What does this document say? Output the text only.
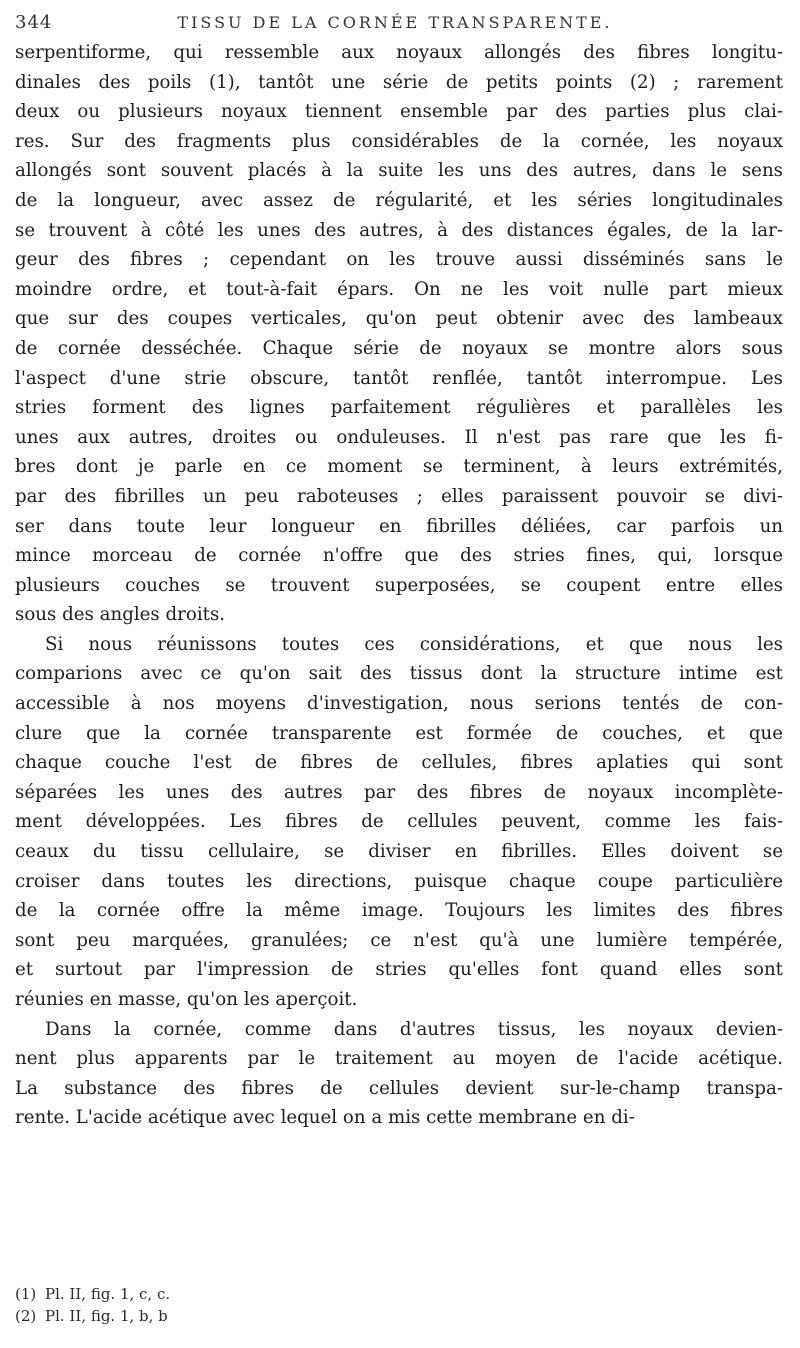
344	TISSU DE LA CORNÉE TRANSPARENTE.
serpentiforme, qui ressemble aux noyaux allongés des fibres longitu-
dinales des poils (1), tantôt une série de petits points (2) ; rarement
deux ou plusieurs noyaux tiennent ensemble par des parties plus clai-
res. Sur des fragments plus considérables de la cornée, les noyaux
allongés sont souvent placés à la suite les uns des autres, dans le sens
de la longueur, avec assez de régularité, et les séries longitudinales
se trouvent à côté les unes des autres, à des distances égales, de la lar-
geur des fibres ; cependant on les trouve aussi disséminés sans le
moindre ordre, et tout-à-fait épars. On ne les voit nulle part mieux
que sur des coupes verticales, qu'on peut obtenir avec des lambeaux
de cornée desséchée. Chaque série de noyaux se montre alors sous
l'aspect d'une strie obscure, tantôt renflée, tantôt interrompue. Les
stries forment des lignes parfaitement régulières et parallèles les
unes aux autres, droites ou onduleuses. Il n'est pas rare que les fi-
bres dont je parle en ce moment se terminent, à leurs extrémités,
par des fibrilles un peu raboteuses ; elles paraissent pouvoir se divi-
ser dans toute leur longueur en fibrilles déliées, car parfois un
mince morceau de cornée n'offre que des stries fines, qui, lorsque
plusieurs couches se trouvent superposées, se coupent entre elles
sous des angles droits.
Si nous réunissons toutes ces considérations, et que nous les
comparions avec ce qu'on sait des tissus dont la structure intime est
accessible à nos moyens d'investigation, nous serions tentés de con-
clure que la cornée transparente est formée de couches, et que
chaque couche l'est de fibres de cellules, fibres aplaties qui sont
séparées les unes des autres par des fibres de noyaux incomplète-
ment développées. Les fibres de cellules peuvent, comme les fais-
ceaux du tissu cellulaire, se diviser en fibrilles. Elles doivent se
croiser dans toutes les directions, puisque chaque coupe particulière
de la cornée offre la même image. Toujours les limites des fibres
sont peu marquées, granulées; ce n'est qu'à une lumière tempérée,
et surtout par l'impression de stries qu'elles font quand elles sont
réunies en masse, qu'on les aperçoit.
Dans la cornée, comme dans d'autres tissus, les noyaux devien-
nent plus apparents par le traitement au moyen de l'acide acétique.
La substance des fibres de cellules devient sur-le-champ transpa-
rente. L'acide acétique avec lequel on a mis cette membrane en di-
(1) Pl. II, fig. 1, c, c.
(2) Pl. II, fig. 1, b, b
